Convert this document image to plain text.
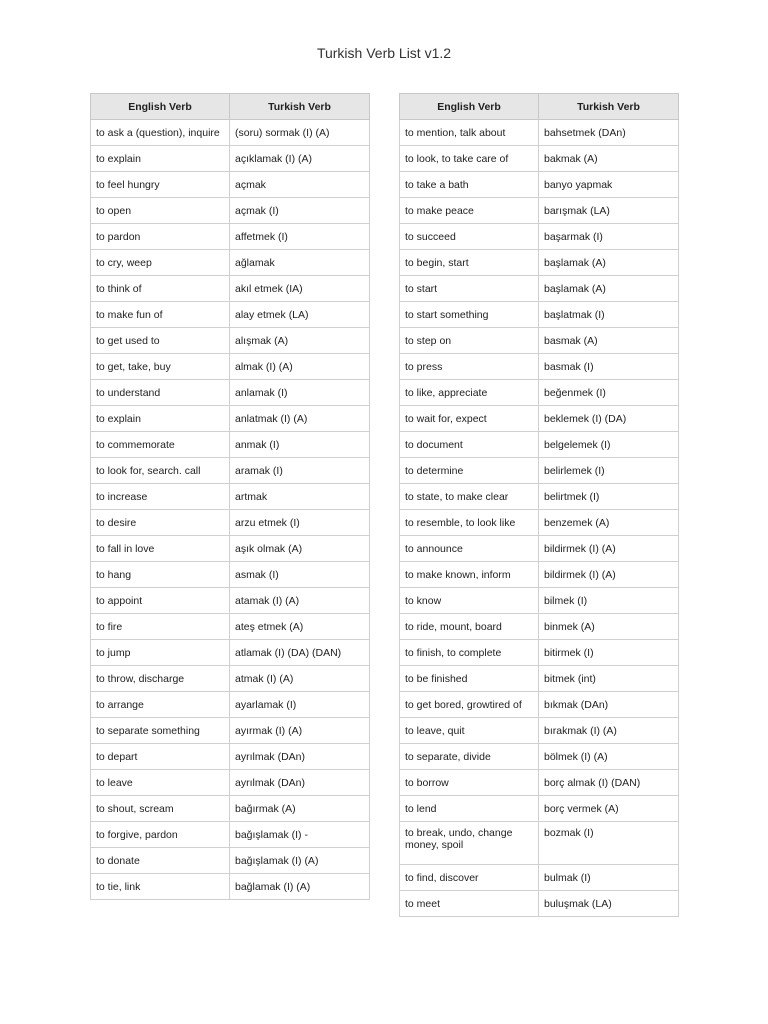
Turkish Verb List v1.2
English Verb	Turkish Verb
to ask a (question), inquire	(soru) sormak (I) (A)
to explain	açıklamak (I) (A)
to feel hungry	açmak
to open	açmak (I)
to pardon	affetmek (I)
to cry, weep	ağlamak
to think of	akıl etmek (IA)
to make fun of	alay etmek (LA)
to get used to	alışmak (A)
to get, take, buy	almak (I) (A)
to understand	anlamak (I)
to explain	anlatmak (I) (A)
to commemorate	anmak (I)
to look for, search. call	aramak (I)
to increase	artmak
to desire	arzu etmek (I)
to fall in love	aşık olmak (A)
to hang	asmak (I)
to appoint	atamak (I) (A)
to fire	ateş etmek (A)
to jump	atlamak (I) (DA) (DAN)
to throw, discharge	atmak (I) (A)
to arrange	ayarlamak (I)
to separate something	ayırmak (I) (A)
to depart	ayrılmak (DAn)
to leave	ayrılmak (DAn)
to shout, scream	bağırmak (A)
to forgive, pardon	bağışlamak (I) -
to donate	bağışlamak (I) (A)
to tie, link	bağlamak (I) (A)
English Verb	Turkish Verb
to mention, talk about	bahsetmek (DAn)
to look, to take care of	bakmak (A)
to take a bath	banyo yapmak
to make peace	barışmak (LA)
to succeed	başarmak (I)
to begin, start	başlamak (A)
to start	başlamak (A)
to start something	başlatmak (I)
to step on	basmak (A)
to press	basmak (I)
to like, appreciate	beğenmek (I)
to wait for, expect	beklemek (I) (DA)
to document	belgelemek (I)
to determine	belirlemek (I)
to state, to make clear	belirtmek (I)
to resemble, to look like	benzemek (A)
to announce	bildirmek (I) (A)
to make known, inform	bildirmek (I) (A)
to know	bilmek (I)
to ride, mount, board	binmek (A)
to finish, to complete	bitirmek (I)
to be finished	bitmek (int)
to get bored, growtired of	bıkmak (DAn)
to leave, quit	bırakmak (I) (A)
to separate, divide	bölmek (I) (A)
to borrow	borç almak (I) (DAN)
to lend	borç vermek (A)
to break, undo, change money, spoil	bozmak (I)
to find, discover	bulmak (I)
to meet	buluşmak (LA)
